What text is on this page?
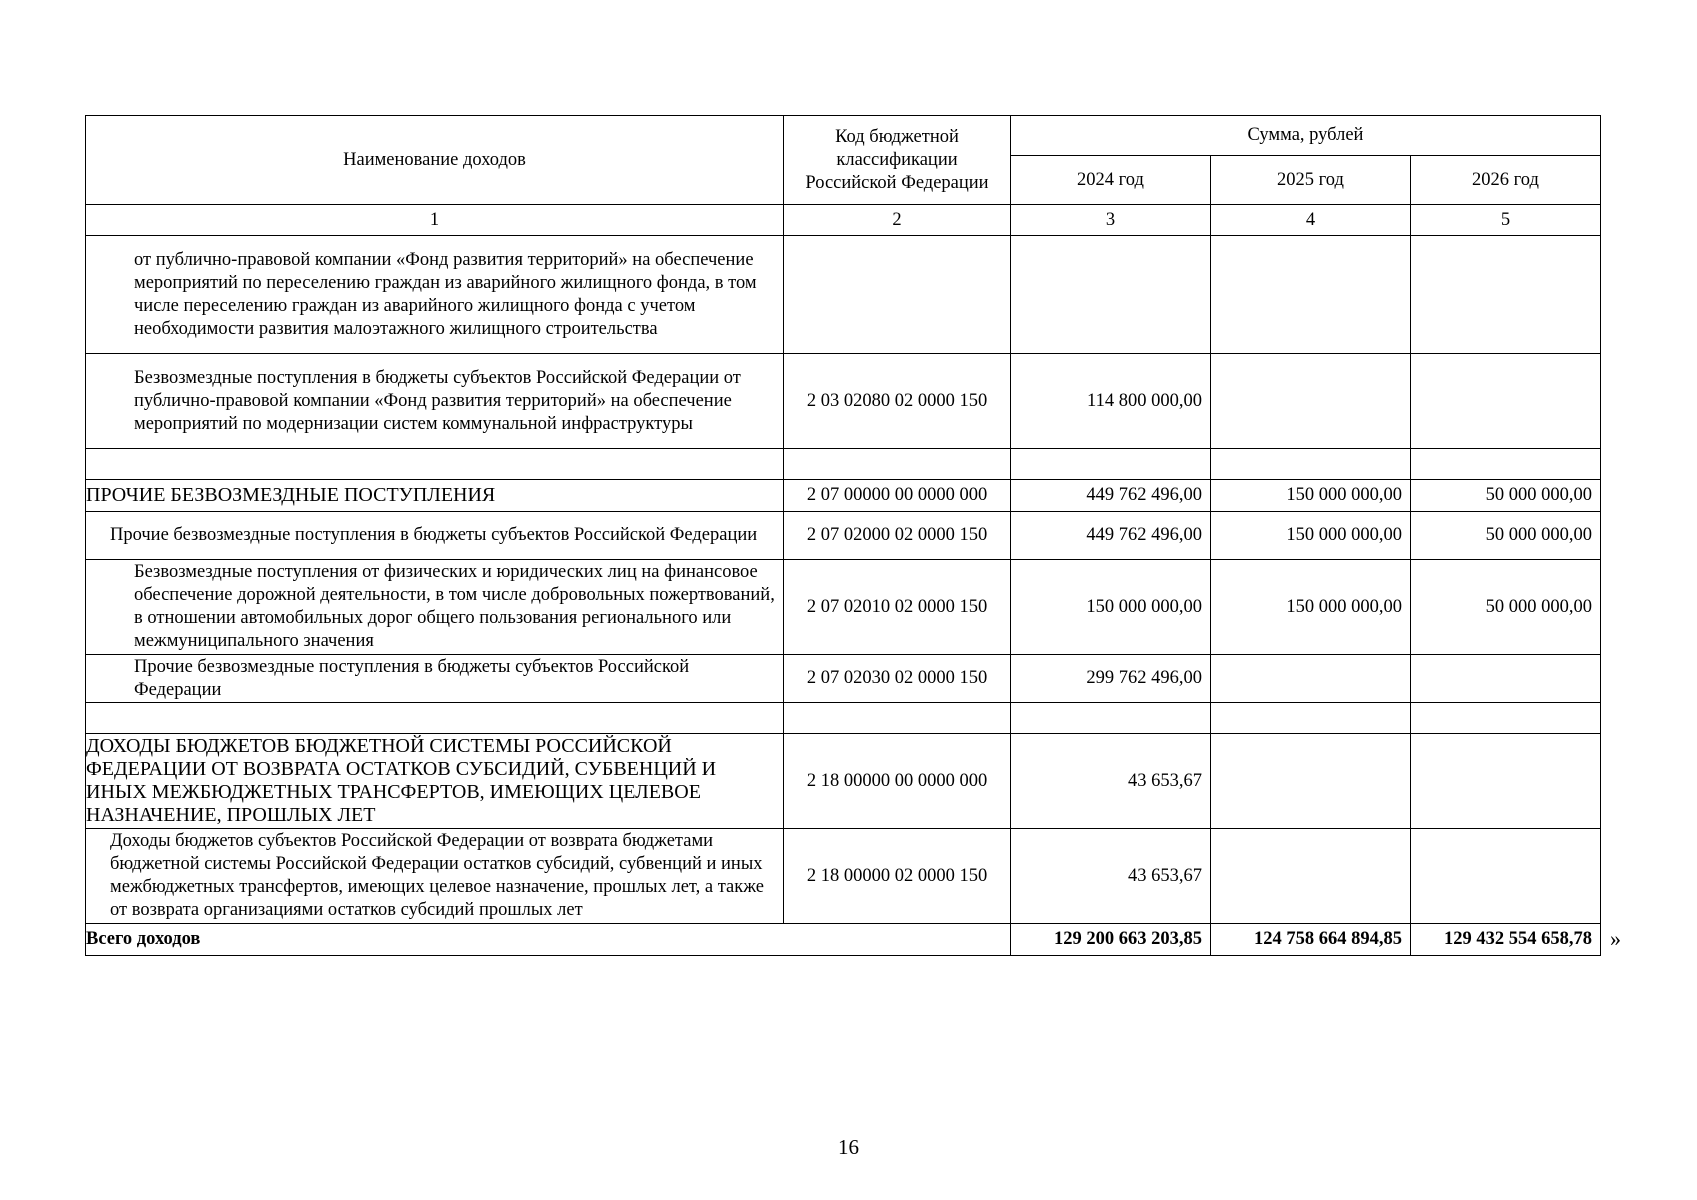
Наименование доходов	Код бюджетной классификации Российской Федерации	Сумма, рублей		
		2024 год	2025 год	2026 год
1	2	3	4	5

от публично-правовой компании «Фонд развития территорий» на обеспечение мероприятий по переселению граждан из аварийного жилищного фонда, в том числе переселению граждан из аварийного жилищного фонда с учетом необходимости развития малоэтажного жилищного строительства				

Безвозмездные поступления в бюджеты субъектов Российской Федерации от публично-правовой компании «Фонд развития территорий» на обеспечение мероприятий по модернизации систем коммунальной инфраструктуры	2 03 02080 02 0000 150	114 800 000,00		

ПРОЧИЕ БЕЗВОЗМЕЗДНЫЕ ПОСТУПЛЕНИЯ	2 07 00000 00 0000 000	449 762 496,00	150 000 000,00	50 000 000,00

Прочие безвозмездные поступления в бюджеты субъектов Российской Федерации	2 07 02000 02 0000 150	449 762 496,00	150 000 000,00	50 000 000,00

Безвозмездные поступления от физических и юридических лиц на финансовое обеспечение дорожной деятельности, в том числе добровольных пожертвований, в отношении автомобильных дорог общего пользования регионального или межмуниципального значения	2 07 02010 02 0000 150	150 000 000,00	150 000 000,00	50 000 000,00

Прочие безвозмездные поступления в бюджеты субъектов Российской Федерации	2 07 02030 02 0000 150	299 762 496,00		

ДОХОДЫ БЮДЖЕТОВ БЮДЖЕТНОЙ СИСТЕМЫ РОССИЙСКОЙ ФЕДЕРАЦИИ ОТ ВОЗВРАТА ОСТАТКОВ СУБСИДИЙ, СУБВЕНЦИЙ И ИНЫХ МЕЖБЮДЖЕТНЫХ ТРАНСФЕРТОВ, ИМЕЮЩИХ ЦЕЛЕВОЕ НАЗНАЧЕНИЕ, ПРОШЛЫХ ЛЕТ	2 18 00000 00 0000 000	43 653,67		

Доходы бюджетов субъектов Российской Федерации от возврата бюджетами бюджетной системы Российской Федерации остатков субсидий, субвенций и иных межбюджетных трансфертов, имеющих целевое назначение, прошлых лет, а также от возврата организациями остатков субсидий прошлых лет	2 18 00000 02 0000 150	43 653,67		
Всего доходов		129 200 663 203,85	124 758 664 894,85	129 432 554 658,78 »
16
